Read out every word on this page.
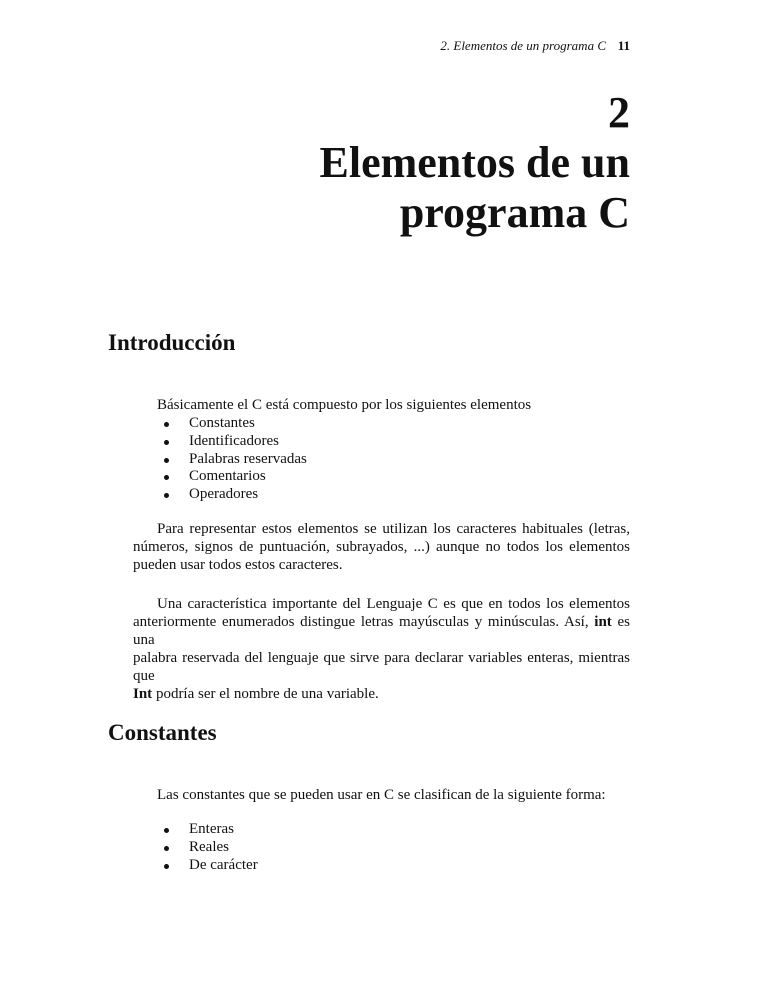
2. Elementos de un programa C 11
2
Elementos de un
programa C
Introducción
Básicamente el C está compuesto por los siguientes elementos
Constantes
Identificadores
Palabras reservadas
Comentarios
Operadores
Para representar estos elementos se utilizan los caracteres habituales (letras,
números, signos de puntuación, subrayados, ...) aunque no todos los elementos
pueden usar todos estos caracteres.
Una característica importante del Lenguaje C es que en todos los elementos
anteriormente enumerados distingue letras mayúsculas y minúsculas. Así, int es una
palabra reservada del lenguaje que sirve para declarar variables enteras, mientras que
Int podría ser el nombre de una variable.
Constantes
Las constantes que se pueden usar en C se clasifican de la siguiente forma:
Enteras
Reales
De carácter
